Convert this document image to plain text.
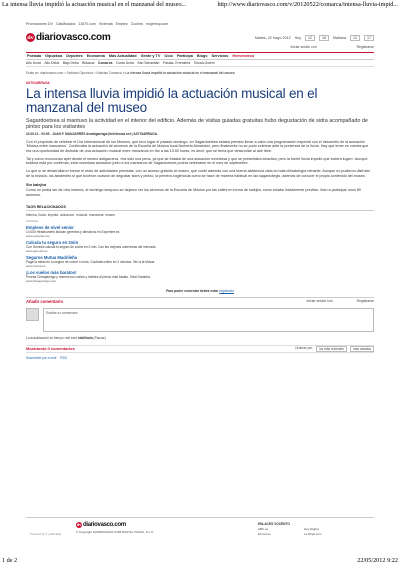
La intensa lluvia impidió la actuación musical en el manzanal del museo...	http://www.diariovasco.com/v/20120522/comarca/intensa-lluvia-impid...
Promociones DV Clasificados 11870.com Vivienda Empleo Coches mujerhoy.com
dv diariovasco.com	Martes, 22 mayo 2012 Hoy	12	16	Mañana	12	17
Iniciar sesión con	Registrarse
Portada Gipuzkoa Deportes Economía Más Actualidad Gente y TV Ocio Participa Blogs Servicios Hemeroteca
Alto Urola Alto Deba Bajo Deba Bidasoa Comarca Costa Urola San Sebastián Pasaia- Errenteria Tolosa-Goierri
Estás en: diariovasco.com > Noticias Gipuzkoa > Noticias Comarca > La intensa lluvia impidió la actuación musical en el manzanal del museo
ASTIGARRAGA
La intensa lluvia impidió la actuación musical en el manzanal del museo
Sagardoetxea sí mantuvo la actividad en el interior del edificio. Además de visitas guiadas gratuitas hubo degustación de sidra acompañado de pintxo para los visitantes
22.05.12 - 03:09 - JUAN F. MANJARRÉS dvastigarraga@telefonica.net | ASTIGARRAGA.

Con el propósito de celebrar el Día Internacional de los Museos, que tuvo lugar el pasado domingo, en Sagardoetxea estaba previsto llevar a cabo una programación especial con el desarrollo de la actuación 'Música entre manzanos'. Conllevaba la actuación de alumnos de la Escuela de Música local Norberto Almandoz, pero finalmente no se pudo celebrar ante la presencia de la lluvia. Hay que tener en cuenta que era una oportunidad de disfrutar de una actuación musical entre manzanos en flor a las 13:00 horas, es decir, que se tenía que desarrollar al aire libre.

Tal y como reconocían ayer desde el museo astigarrarra, «ha sido una pena, ya que se trataba de una actuación novedosa y que se presentaba atractiva, pero la fuerte lluvia impidió que tuviera lugar». Aunque todavía está por confirmar, esta novedosa actuación junto a los manzanos de Sagardoetxea podría celebrarse en el mes de septiembre.

Lo que sí se desarrollaron fueron el resto de actividades previstas, con un acceso gratuito al museo, que contó además con una buena asistencia vista la mala climatología reinante. Aunque no pudieron disfrutar de la música, los asistentes sí que tuvieron ocasión de degustar sidra y pintxo, la primera cogiéndola como se hace de manera habitual en las sagardotegis, además de conocer el propio contenido del museo.

Sin kalejira

Como no podía ser de otra manera, el domingo tampoco se dejaron ver los alumnos de la Escuela de Música por las calles en forma de kalejira, como estaba inicialmente previsto. Iban a participar unos 80 alumnos.

TAGS RELACIONADOS
intensa, lluvia, impidió, actuacion, musical, manzanal, museo
Publicidad
Empleos de nivel senior
10.000 Headhunters buscan gerentes y directivos en Experteer.es
www.experteer.es
Calcula tu seguro en 2min
Con Genesis calcula tu seguro de coche en 2 min. Con las mejores coberturas del mercado.
www.genesis.es
Seguros Mutua Madrileña
Paga la mitad en tu seguro de coche o moto. Contrata online en 2 minutos. Ven a la Mutua.
www.mutua.es
¡Los vuelos más baratos!
Prueba Cheapandgo y reserva tus vuelos y hoteles al precio más barato. Total Garantía.
www.cheapandgo.com
Para poder comentar debes estar registrado
Añadir comentario	Iniciar sesión con	Registrarse
Escribe su comentario
La actualización en tiempo real está habilitada (Pausar)
Mostrando 0 comentarios	Ordenar por:	los más recientes	más votados
Suscríbete por e-mail RSS
Powered by © publicidad
dv diariovasco.com
© Copyright DIARIOVASCO.COM DIGITAL VASCA, S.L.U.
ENLACES VOCENTO
ABC.es	Hoy Digital
El Correo	La Rioja.com
1 de 2	22/05/2012 9:22
